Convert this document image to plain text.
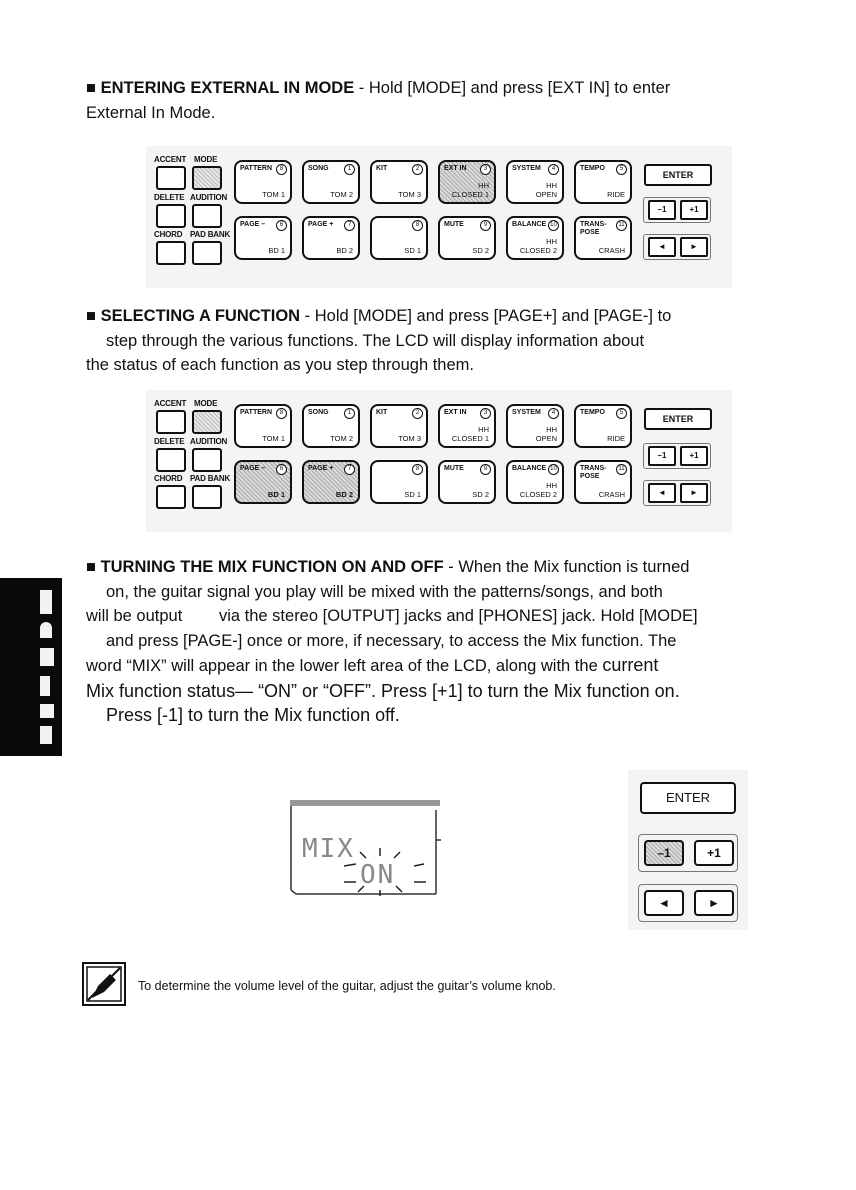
■ ENTERING EXTERNAL IN MODE - Hold [MODE] and press [EXT IN] to enter
External In Mode.
ACCENT MODE
DELETE AUDITION
CHORD PAD BANK
PATTERN	8
TOM 1
SONG	1
TOM 2
KIT	2
TOM 3
EXT IN	3
HH
CLOSED 1
SYSTEM	4
HH
OPEN
TEMPO	5
RIDE
PAGE –	6
BD 1
PAGE +	7
BD 2
8
SD 1
MUTE	9
SD 2
BALANCE 10
HH
CLOSED 2
TRANS-
POSE
11
CRASH
ENTER
–1	+1
◄	►
■ SELECTING A FUNCTION - Hold [MODE] and press [PAGE+] and [PAGE-] to
step through the various functions. The LCD will display information about
the status of each function as you step through them.
ACCENT MODE
DELETE AUDITION
CHORD PAD BANK
PATTERN	8
TOM 1
SONG	1
TOM 2
KIT	2
TOM 3
EXT IN	3
HH
CLOSED 1
SYSTEM	4
HH
OPEN
TEMPO	5
RIDE
PAGE –	6
BD 1
PAGE +	7
BD 2
8
SD 1
MUTE	9
SD 2
BALANCE 10
HH
CLOSED 2
TRANS-
POSE
11
CRASH
ENTER
–1	+1
◄	►
■ TURNING THE MIX FUNCTION ON AND OFF - When the Mix function is turned
on, the guitar signal you play will be mixed with the patterns/songs, and both
will be output        via the stereo [OUTPUT] jacks and [PHONES] jack. Hold [MODE]
and press [PAGE-] once or more, if necessary, to access the Mix function. The
word “MIX” will appear in the lower left area of the LCD, along with the current
Mix function status— “ON” or “OFF”. Press [+1] to turn the Mix function on.
Press [-1] to turn the Mix function off.
MIX
ON
ENTER
–1	+1
◄	►
To determine the volume level of the guitar, adjust the guitar’s volume knob.
